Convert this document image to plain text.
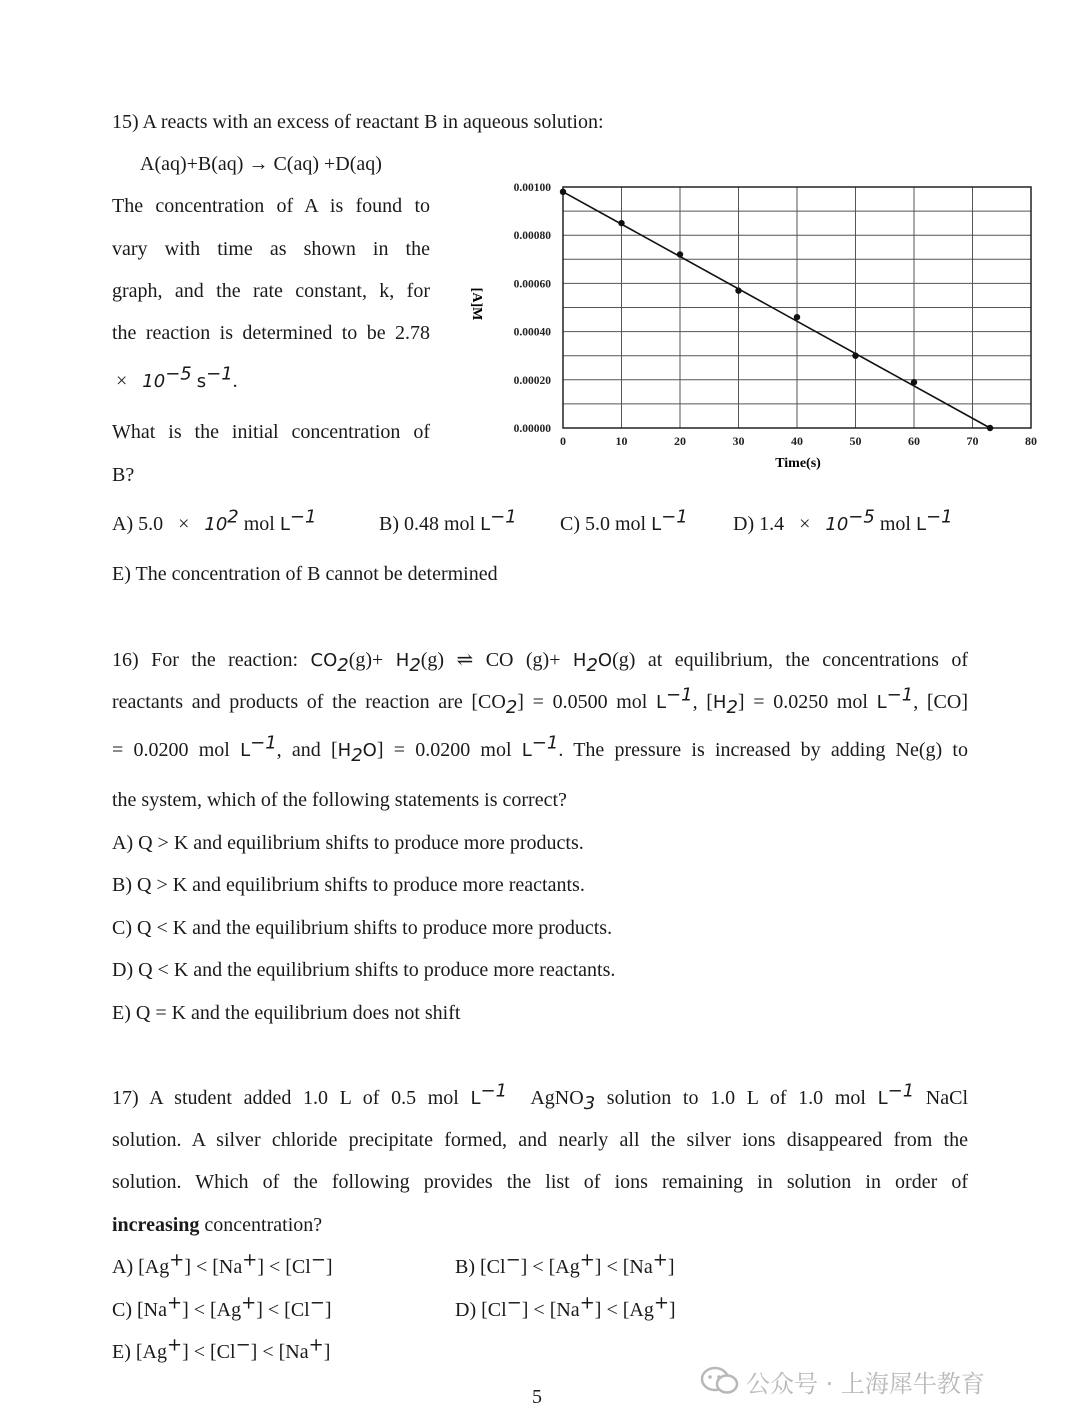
15) A reacts with an excess of reactant B in aqueous solution:
A(aq)+B(aq) → C(aq) +D(aq)
The concentration of A is found to
vary with time as shown in the
graph, and the rate constant, k, for
the reaction is determined to be 2.78
× $10^{-5}$ $s^{-1}$.
What is the initial concentration of
B?
0.00000
0.00020
0.00040
0.00060
0.00080
0.00100
0	10	20	30	40	50	60	70	80
Time(s)
[A]M
A) $5.0 \times 10^2$ mol $L^{-1}$	B) 0.48 mol $L^{-1}$ C) 5.0 mol $L^{-1}$ D) $1.4 \times 10^{-5}$ mol $L^{-1}$
E) The concentration of B cannot be determined
16) For the reaction: $CO_2(g)+ H_2(g)$ ⇌ CO $(g)+ H_2O(g)$ at equilibrium, the concentrations of
reactants and products of the reaction are $[CO_2] = 0.0500$ mol $L^{-1}$, $[H_2] = 0.0250$ mol $L^{-1}$, [CO]
= 0.0200 mol $L^{-1}$, and $[H_2O] = 0.0200$ mol $L^{-1}$. The pressure is increased by adding Ne(g) to
the system, which of the following statements is correct?
A) Q > K and equilibrium shifts to produce more products.
B) Q > K and equilibrium shifts to produce more reactants.
C) Q < K and the equilibrium shifts to produce more products.
D) Q < K and the equilibrium shifts to produce more reactants.
E) Q = K and the equilibrium does not shift
17) A student added 1.0 L of 0.5 mol $L^{-1}$ AgNO$_3$ solution to 1.0 L of 1.0 mol $L^{-1}$ NaCl
solution. A silver chloride precipitate formed, and nearly all the silver ions disappeared from the
solution. Which of the following provides the list of ions remaining in solution in order of
increasing concentration?
A) [Ag+] < [Na+] < [Cl−]	B) [Cl−] < [Ag+] < [Na+]
C) [Na+] < [Ag+] < [Cl−]	D) [Cl−] < [Na+] < [Ag+]
E) [Ag+] < [Cl−] < [Na+]
5	公众号 · 上海犀牛教育
